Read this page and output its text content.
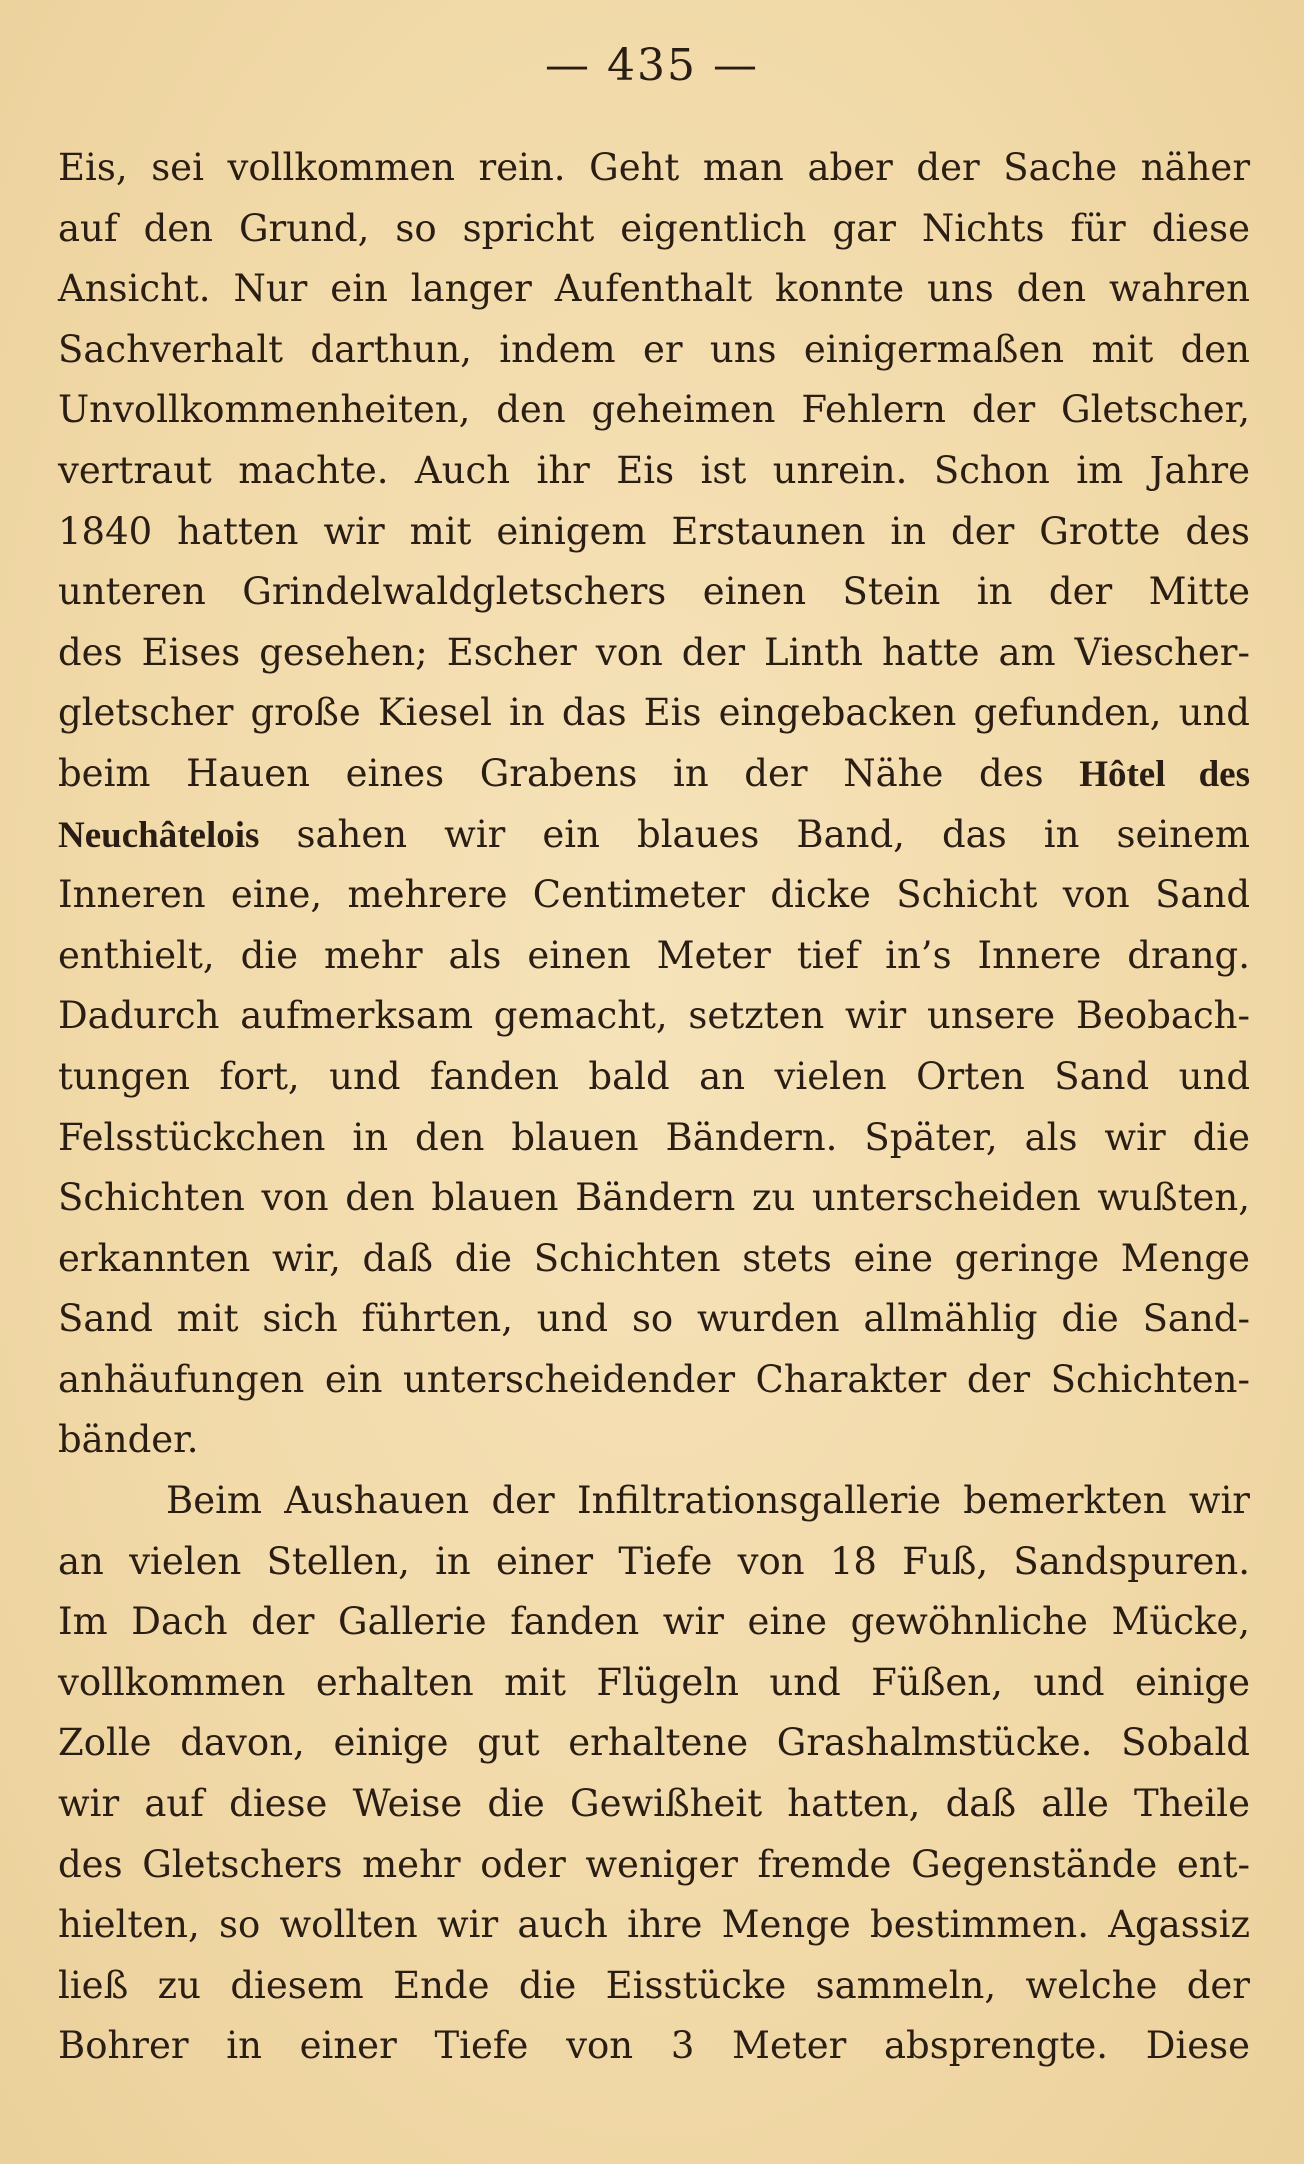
— 435 —
Eis, sei vollkommen rein. Geht man aber der Sache näher
auf den Grund, so spricht eigentlich gar Nichts für diese
Ansicht. Nur ein langer Aufenthalt konnte uns den wahren
Sachverhalt darthun, indem er uns einigermaßen mit den
Unvollkommenheiten, den geheimen Fehlern der Gletscher,
vertraut machte. Auch ihr Eis ist unrein. Schon im Jahre
1840 hatten wir mit einigem Erstaunen in der Grotte des
unteren Grindelwaldgletschers einen Stein in der Mitte
des Eises gesehen; Escher von der Linth hatte am Viescher-
gletscher große Kiesel in das Eis eingebacken gefunden, und
beim Hauen eines Grabens in der Nähe des Hôtel des
Neuchâtelois sahen wir ein blaues Band, das in seinem
Inneren eine, mehrere Centimeter dicke Schicht von Sand
enthielt, die mehr als einen Meter tief in’s Innere drang.
Dadurch aufmerksam gemacht, setzten wir unsere Beobach-
tungen fort, und fanden bald an vielen Orten Sand und
Felsstückchen in den blauen Bändern. Später, als wir die
Schichten von den blauen Bändern zu unterscheiden wußten,
erkannten wir, daß die Schichten stets eine geringe Menge
Sand mit sich führten, und so wurden allmählig die Sand-
anhäufungen ein unterscheidender Charakter der Schichten-
bänder.
Beim Aushauen der Infiltrationsgallerie bemerkten wir
an vielen Stellen, in einer Tiefe von 18 Fuß, Sandspuren.
Im Dach der Gallerie fanden wir eine gewöhnliche Mücke,
vollkommen erhalten mit Flügeln und Füßen, und einige
Zolle davon, einige gut erhaltene Grashalmstücke. Sobald
wir auf diese Weise die Gewißheit hatten, daß alle Theile
des Gletschers mehr oder weniger fremde Gegenstände ent-
hielten, so wollten wir auch ihre Menge bestimmen. Agassiz
ließ zu diesem Ende die Eisstücke sammeln, welche der
Bohrer in einer Tiefe von 3 Meter absprengte. Diese
